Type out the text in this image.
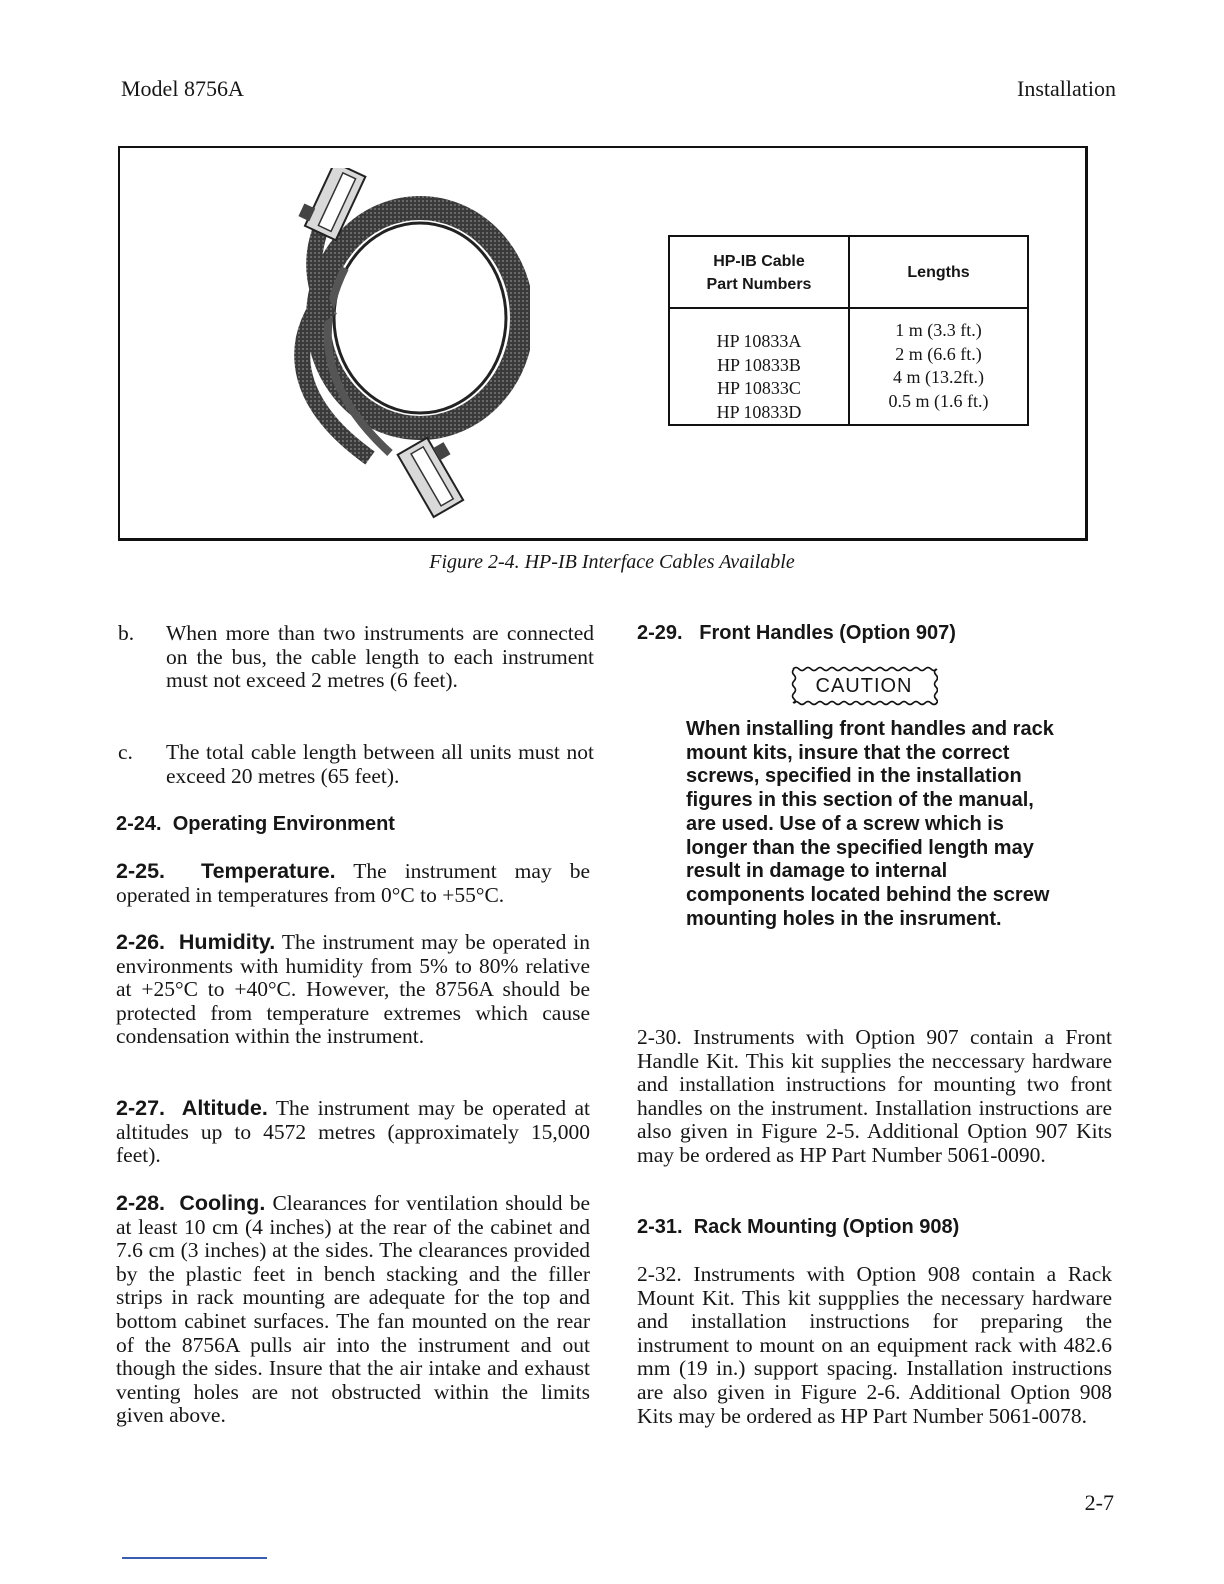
Model 8756A	Installation
HP-IB Cable
Part Numbers
HP 10833A
HP 10833B
HP 10833C
HP 10833D
Lengths
1 m (3.3 ft.)
2 m (6.6 ft.)
4 m (13.2ft.)
0.5 m (1.6 ft.)
Figure 2-4. HP-IB Interface Cables Available
b. When more than two instruments are connected on the bus, the cable length to each instrument must not exceed 2 metres (6 feet).
c. The total cable length between all units must not exceed 20 metres (65 feet).
2-24. Operating Environment
2-25. Temperature. The instrument may be operated in temperatures from 0°C to +55°C.
2-26. Humidity. The instrument may be operated in environments with humidity from 5% to 80% relative at +25°C to +40°C. However, the 8756A should be protected from temperature extremes which cause condensation within the instrument.
2-27. Altitude. The instrument may be operated at altitudes up to 4572 metres (approximately 15,000 feet).
2-28. Cooling. Clearances for ventilation should be at least 10 cm (4 inches) at the rear of the cabinet and 7.6 cm (3 inches) at the sides. The clearances provided by the plastic feet in bench stacking and the filler strips in rack mounting are adequate for the top and bottom cabinet surfaces. The fan mounted on the rear of the 8756A pulls air into the instrument and out though the sides. Insure that the air intake and exhaust venting holes are not obstructed within the limits given above.
2-29. Front Handles (Option 907)
CAUTION
When installing front handles and rack mount kits, insure that the correct screws, specified in the installation figures in this section of the manual, are used. Use of a screw which is longer than the specified length may result in damage to internal components located behind the screw mounting holes in the insrument.
2-30. Instruments with Option 907 contain a Front Handle Kit. This kit supplies the neccessary hardware and installation instructions for mounting two front handles on the instrument. Installation instructions are also given in Figure 2-5. Additional Option 907 Kits may be ordered as HP Part Number 5061-0090.
2-31. Rack Mounting (Option 908)
2-32. Instruments with Option 908 contain a Rack Mount Kit. This kit suppplies the necessary hardware and installation instructions for preparing the instrument to mount on an equipment rack with 482.6 mm (19 in.) support spacing. Installation instructions are also given in Figure 2-6. Additional Option 908 Kits may be ordered as HP Part Number 5061-0078.
2-7
